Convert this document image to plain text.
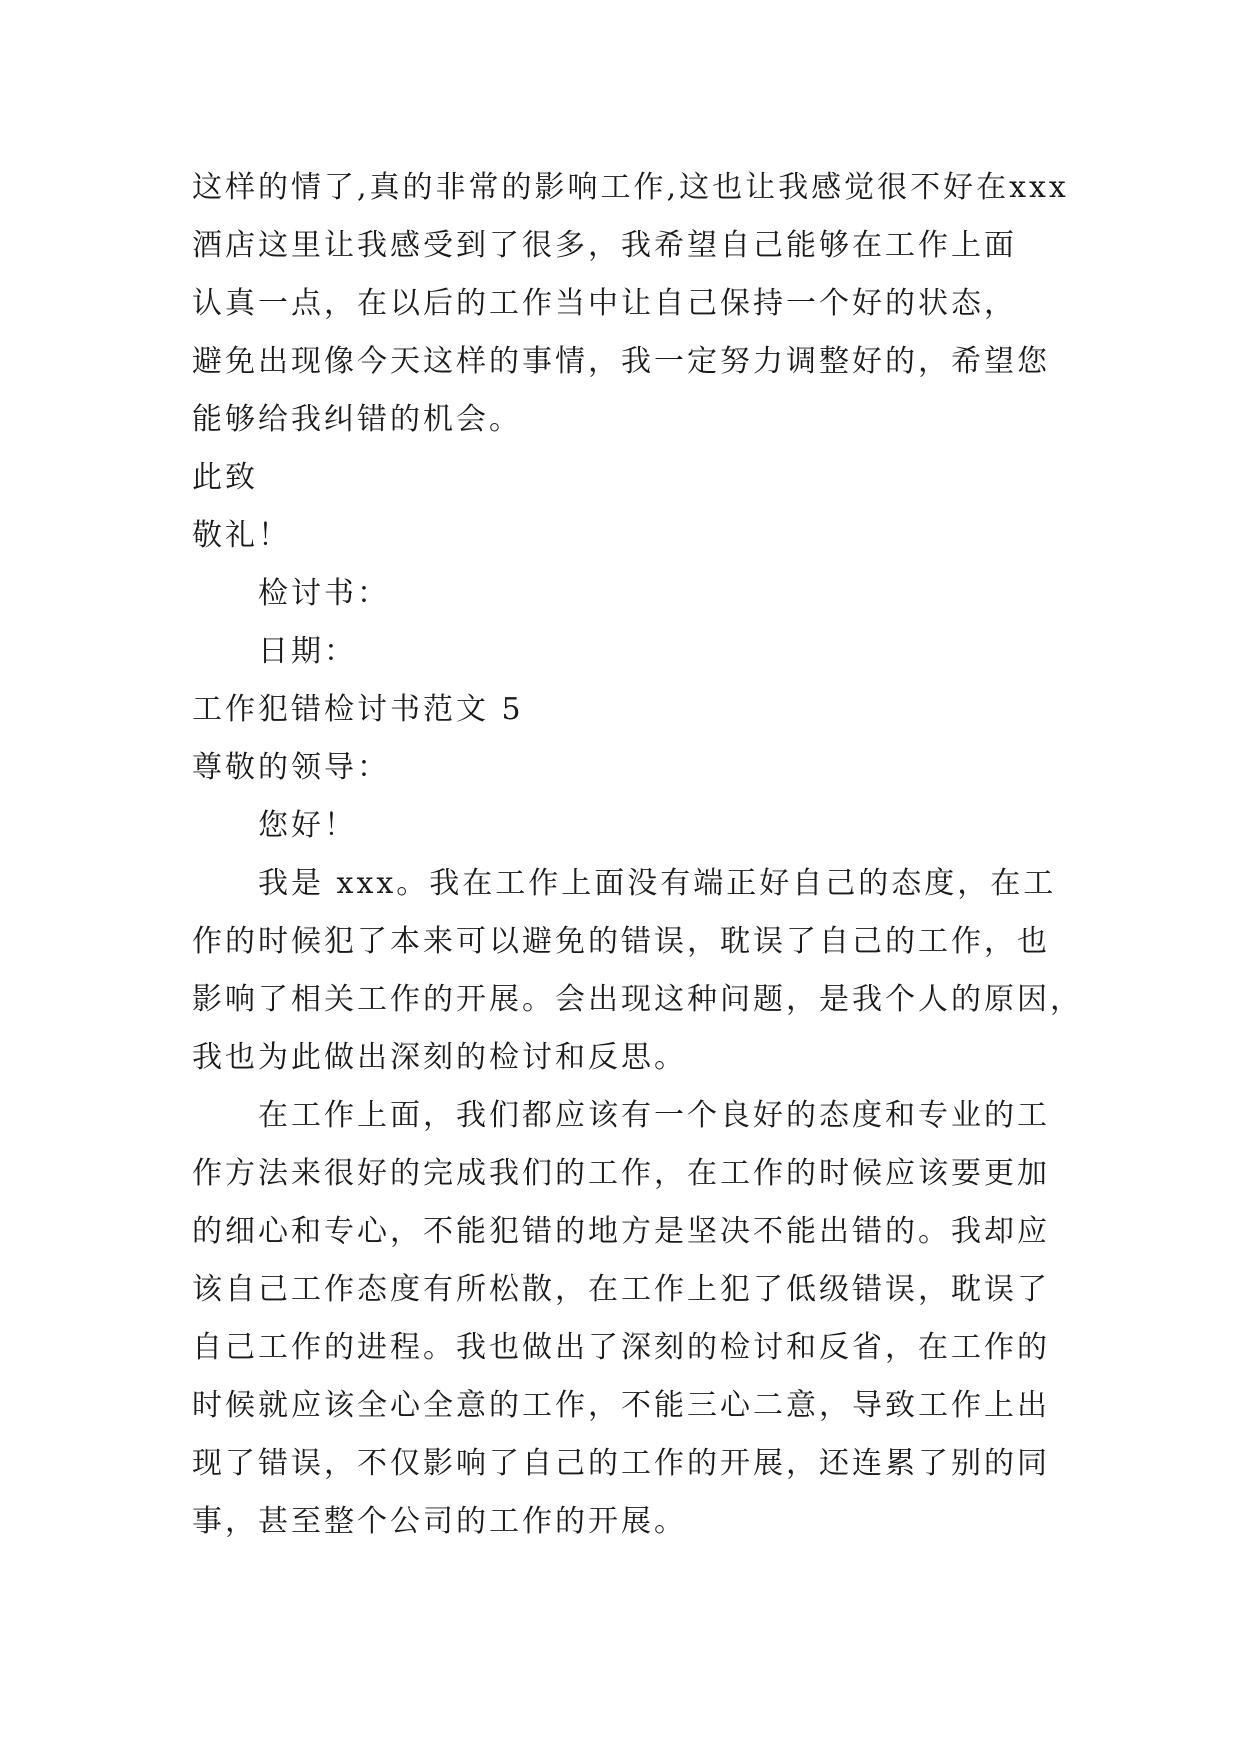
这样的情了,真的非常的影响工作,这也让我感觉很不好在xxx
酒店这里让我感受到了很多，我希望自己能够在工作上面
认真一点，在以后的工作当中让自己保持一个好的状态，
避免出现像今天这样的事情，我一定努力调整好的，希望您
能够给我纠错的机会。
此致
敬礼！
检讨书：
日期：
工作犯错检讨书范文 5
尊敬的领导：
您好！
我是 xxx。我在工作上面没有端正好自己的态度，在工
作的时候犯了本来可以避免的错误，耽误了自己的工作，也
影响了相关工作的开展。会出现这种问题，是我个人的原因，
我也为此做出深刻的检讨和反思。
在工作上面，我们都应该有一个良好的态度和专业的工
作方法来很好的完成我们的工作，在工作的时候应该要更加
的细心和专心，不能犯错的地方是坚决不能出错的。我却应
该自己工作态度有所松散，在工作上犯了低级错误，耽误了
自己工作的进程。我也做出了深刻的检讨和反省，在工作的
时候就应该全心全意的工作，不能三心二意，导致工作上出
现了错误，不仅影响了自己的工作的开展，还连累了别的同
事，甚至整个公司的工作的开展。
